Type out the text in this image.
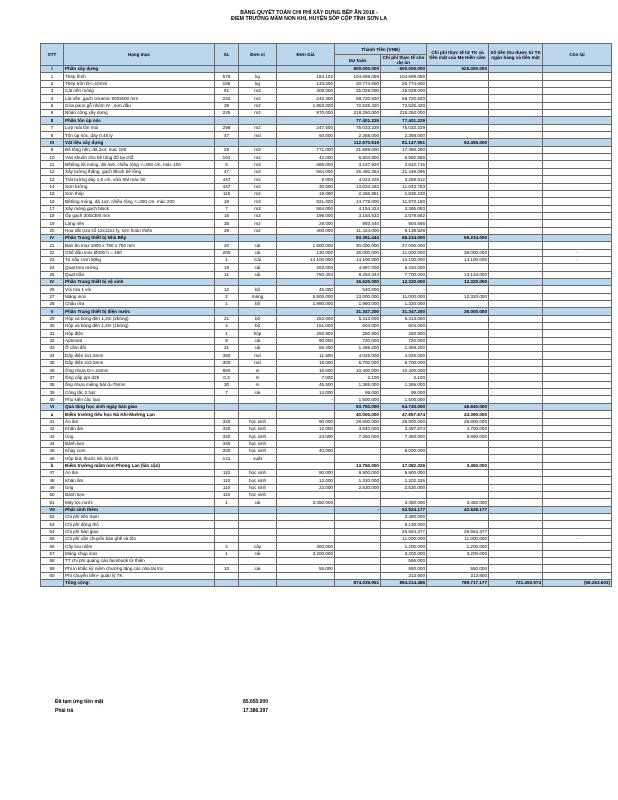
BẢNG QUYẾT TOÁN CHI PHÍ XÂY DỰNG BẾP ĂN 2018 -
ĐIỂM TRƯỜNG MẦM NON KHI, HUYỆN SỐP CỘP TỈNH SƠN LA
STT	Hạng mục	SL	Đơn vị	Đơn Giá	Thành Tiền (VNĐ)		Chi phí thực tế từ TK và tiền mặt của Mẹ Hiền cầm	Số tiền thu được từ TK ngân hàng và tiền mặt	Còn lại
					Dự toán	Chi phí thực tế cho dự án			
I	Phần xây dựng				500.000.000	500.000.000	525.000.000		
1	Thép hình	576	kg	184.102	104.699.059	104.699.059			
2	Thép tròn D<=10mm	156	kg	133.000	20.774.600	20.774.600			
3	Cát nền móng	81	m3	309.000	25.029.000	25.029.000			
4	Lát nền, gạch ceramic 600x600 mm	242	m2	242.300	58.720.920	58.720.920			
5	Cửa pano gỗ nhóm IV , sơn dầu	39	m2	1.853.000	72.526.420	72.526.420			
6	Nhân công xây dựng	225	m2	970.000	218.250.000	218.250.000			
II	Phần tôn úp nóc				77.401.229	77.401.229			
7	Lợp mái tôn múi	298	m2	247.500	75.033.229	75.033.229			
8	Tôn úp nóc, dày 0.45 ly	47	md	50.000	2.368.000	2.368.000			
III	Vật liệu xây dựng				112.670.619	81.147.951	62.455.000		
9	Bê tông nền, đá 2x4, mác 150	28	m3	771.000	21.588.000	17.486.280			
10	Ván khuôn cho bê tông đổ tại chỗ	164	m2	42.000	6.904.800	5.592.888			
11	Bêtông lót móng, đá 4x6, chiều rộng <=250 cm, mác 100	5	m3	686.000	3.237.920	2.622.715			
12	Xây tường thẳng, gạch Block bê tông	47	m3	564.000	26.480.364	21.449.095			
13	Trát tường dày 1,5 cm, vữa XM mác 50	447	m2	9.000	4.023.225	3.258.812			
14	Sơn tường	447	m2	30.500	13.634.263	11.043.753			
15	Sơn thép	118	m2	19.090	2.266.951	1.836.230			
16	Bêtông móng, đá 1x2, chiều rộng <=250 cm, mác 200	18	m3	821.000	14.778.000	11.970.180			
17	Xây móng gạch block	7	m3	564.000	4.154.424	3.365.083			
18	Ốp gạch 300x300 mm	16	m2	196.000	3.184.632	2.579.552			
19	Láng nền	35	m2	28.000	993.440	804.686			
20	Hoa sắt cửa sổ 12x12x1 ly, sơn hoàn thiện	29	m2	400.000	11.424.000	9.138.526			
IV	Phần Trang thiết bị Nhà Bếp				83.351.444	65.234.000	65.234.000		
21	Bàn ăn Inox 1800 x 750 x 750 mm	20	cái	1.500.000	30.000.000	27.000.000			
22	Ghế đẩu Inox Ø300 h = 460	200	cái	130.000	26.000.000	11.000.000	38.000.000		-
23	Tủ nấu cơm 50kg	1	Cái	14.100.000	14.100.000	14.100.000	14.100.000		-
24	Quạt treo tường	19	cái	263.000	4.997.000	5.434.000			
25	Quạt trần	11	cái	750.404	8.254.444	7.700.000	13.134.000		
IV	Phần Trang thiết bị vệ sinh				15.520.000	12.320.000	12.320.000		
26	Vòi rửa 1 vòi	12	bộ	45.000	540.000	-			
27	Máng inox	2	máng	5.500.000	13.000.000	11.000.000	12.320.000		
28	Chậu rửa	1	bộ	1.980.000	1.980.000	1.320.000			
V	Phần Trang thiết bị điện nước				31.347.200	31.347.200	35.000.000		
29	Hộp và bóng đèn 1,2m (2bóng)	21	bộ	253.000	5.313.000	5.313.000			
30	Hộp và bóng đèn 1,2m (1bóng)	4	bộ	151.000	604.000	604.000			
31	Hộp điện	1	hộp	250.900	250.900	250.900			
32	Aptomat	8	cái	90.000	720.000	720.000			
33	Ổ cắm đôi	21	cái	65.200	1.369.200	1.369.200			
34	Dây điện 2x1,5mm	350	md	11.500	4.025.000	4.025.000			
35	Dây điện 2x2,5mm	300	md	19.000	5.700.000	5.700.000			
36	Ống nhựa D<=15mm	650	m	16.000	10.400.000	10.400.000			
37	Ống cấp ppr d25	0,3	m	7.000	2.100	2.100			
38	ống nhựa miệng bát d=76mm	30	m	45.500	1.365.000	1.365.000			
39	Công tắc 2 hạt	7	cái	14.000	98.000	98.000			
40	Phụ kiện các loại			-	1.500.000	1.500.000			
VI	Quà tặng học sinh ngày bàn giao				53.750.000	64.740.000	46.840.000		
a	Điểm trường tiểu học Nà Khi-Mường Lạn				40.000.000	47.657.674	43.390.000		
41	Áo ấm	320	học sinh	90.000	28.800.000	28.800.000	28.800.000		
42	Khăn ấm	320	học sinh	12.000	3.840.000	3.497.674	4.700.000		
43	Ủng	320	học sinh	23.000	7.360.000	7.360.000	9.890.000		
44	Bánh kẹo	340	học sinh						
45	Khay com	200	học sinh	40.000		8.000.000			
46	Hộp bút, thước kẻ, bút chì	141	xuất						
b	Điểm trường mầm non Phong Lan (lân cận)				13.750.000	17.082.326	3.450.000		
47	Áo ấm	110	học sinh	90.000	9.900.000	9.900.000			
48	Khăn ấm	110	học sinh	12.000	1.320.000	1.202.326			
49	Ủng	110	học sinh	23.000	2.530.000	2.530.000			
50	Bánh kẹo	110	học sinh						
51	Máy lọc nước	1	cái	3.450.000		3.450.000	3.450.000		
VII	Phát sinh thêm				-	52.524.177	42.528.177		
52	Chi phí tiền trạm					3.480.000			
53	Chi phí động thổ					5.130.000			
54	Chi phí bàn giao					26.564.377	26.564.377		
55	Chi phí vận chuyển bàn ghế và tôn					11.000.000	11.000.000		-
56	Cây lưu niệm	4	cây	300.000		1.200.000	1.200.000		
57	Máng chụp inox	1	cái	3.200.000		3.200.000	3.200.000		
58	TT chi phí quảng cáo facebook từ thiện					586.000			
59	Phí in khắc kỷ niệm chương tặng các nhà tài trợ	10	cái	55.000		550.000	550.000		
60	Phí chuyển tiền+ quản lý TK					313.800	313.800		
	Tổng cộng:				874.039.951	894.214.486	789.717.177	721.453.574	(68.263.603)
Đã tạm ứng tiền mặt	85.650.000
Phải trả	17.386.397
